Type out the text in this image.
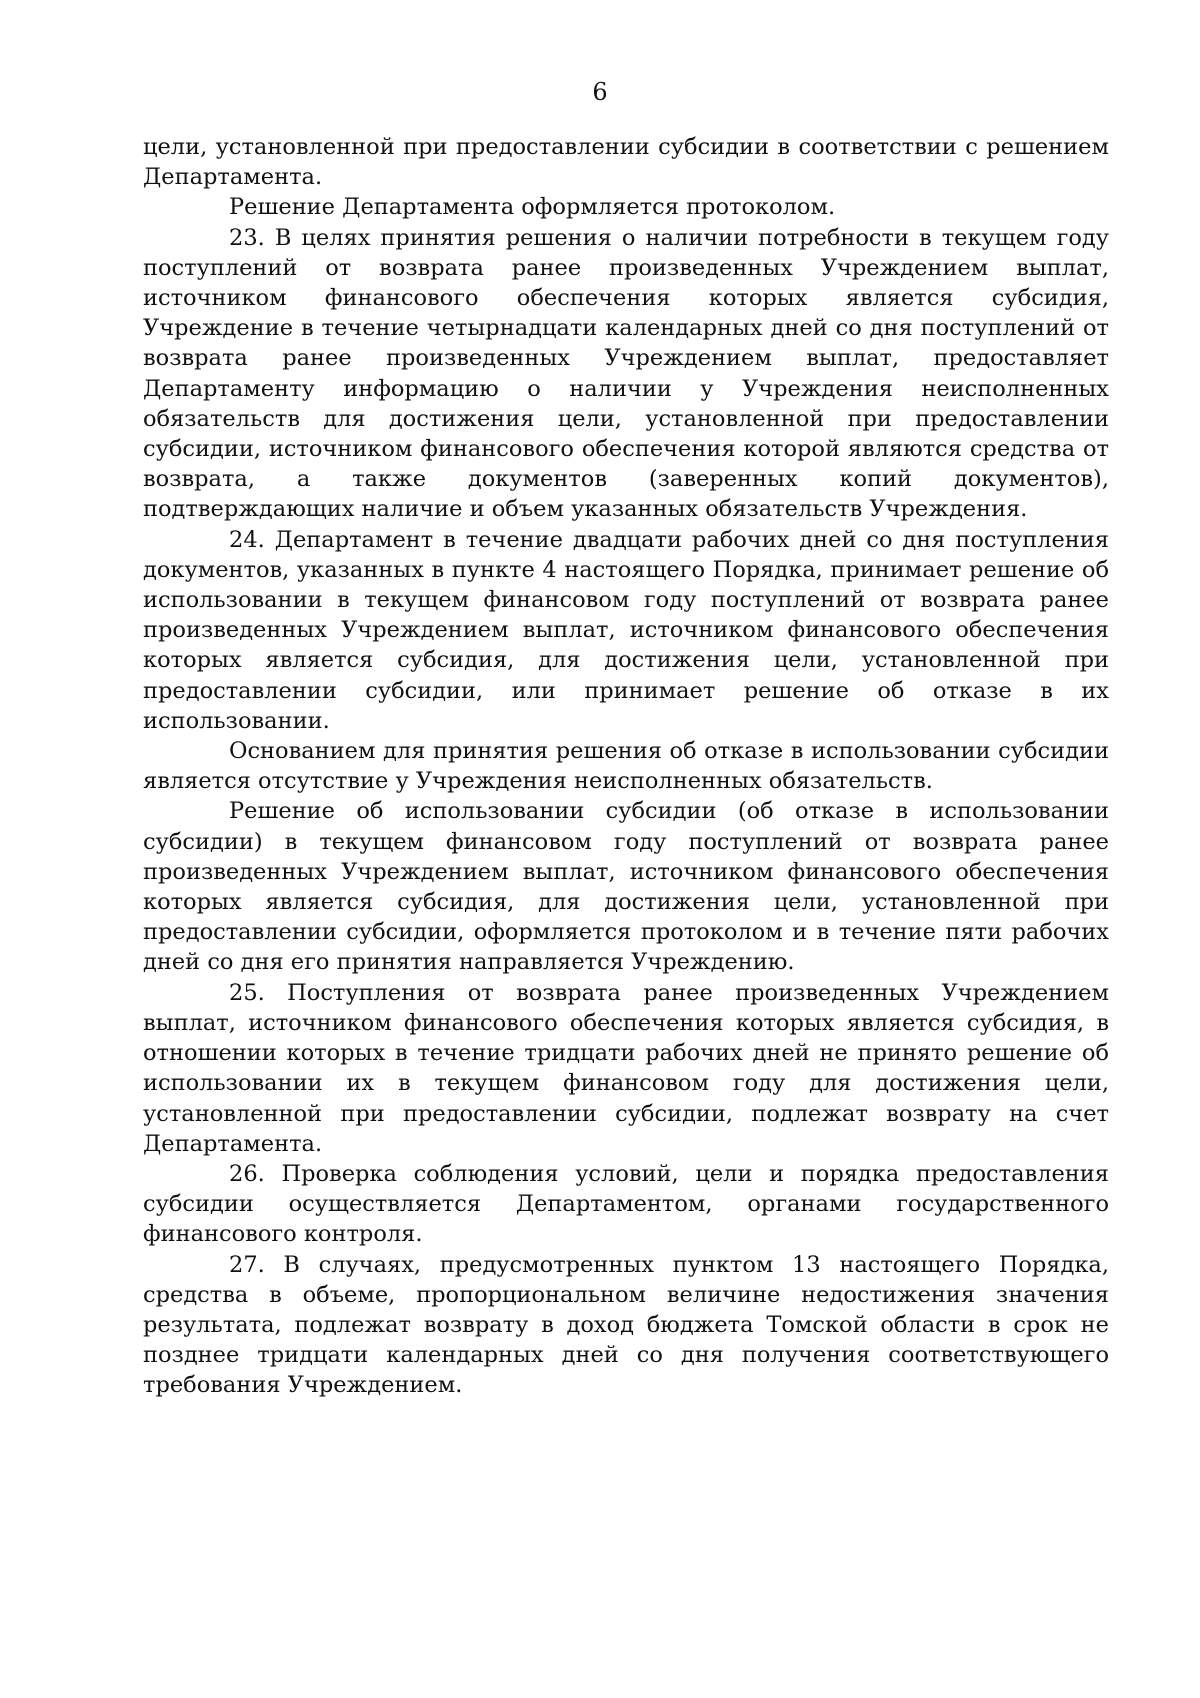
6

цели, установленной при предоставлении субсидии в соответствии с решением Департамента.

Решение Департамента оформляется протоколом.

23. В целях принятия решения о наличии потребности в текущем году поступлений от возврата ранее произведенных Учреждением выплат, источником финансового обеспечения которых является субсидия, Учреждение в течение четырнадцати календарных дней со дня поступлений от возврата ранее произведенных Учреждением выплат, предоставляет Департаменту информацию о наличии у Учреждения неисполненных обязательств для достижения цели, установленной при предоставлении субсидии, источником финансового обеспечения которой являются средства от возврата, а также документов (заверенных копий документов), подтверждающих наличие и объем указанных обязательств Учреждения.

24. Департамент в течение двадцати рабочих дней со дня поступления документов, указанных в пункте 4 настоящего Порядка, принимает решение об использовании в текущем финансовом году поступлений от возврата ранее произведенных Учреждением выплат, источником финансового обеспечения которых является субсидия, для достижения цели, установленной при предоставлении субсидии, или принимает решение об отказе в их использовании.

Основанием для принятия решения об отказе в использовании субсидии является отсутствие у Учреждения неисполненных обязательств.

Решение об использовании субсидии (об отказе в использовании субсидии) в текущем финансовом году поступлений от возврата ранее произведенных Учреждением выплат, источником финансового обеспечения которых является субсидия, для достижения цели, установленной при предоставлении субсидии, оформляется протоколом и в течение пяти рабочих дней со дня его принятия направляется Учреждению.

25. Поступления от возврата ранее произведенных Учреждением выплат, источником финансового обеспечения которых является субсидия, в отношении которых в течение тридцати рабочих дней не принято решение об использовании их в текущем финансовом году для достижения цели, установленной при предоставлении субсидии, подлежат возврату на счет Департамента.

26. Проверка соблюдения условий, цели и порядка предоставления субсидии осуществляется Департаментом, органами государственного финансового контроля.

27. В случаях, предусмотренных пунктом 13 настоящего Порядка, средства в объеме, пропорциональном величине недостижения значения результата, подлежат возврату в доход бюджета Томской области в срок не позднее тридцати календарных дней со дня получения соответствующего требования Учреждением.
